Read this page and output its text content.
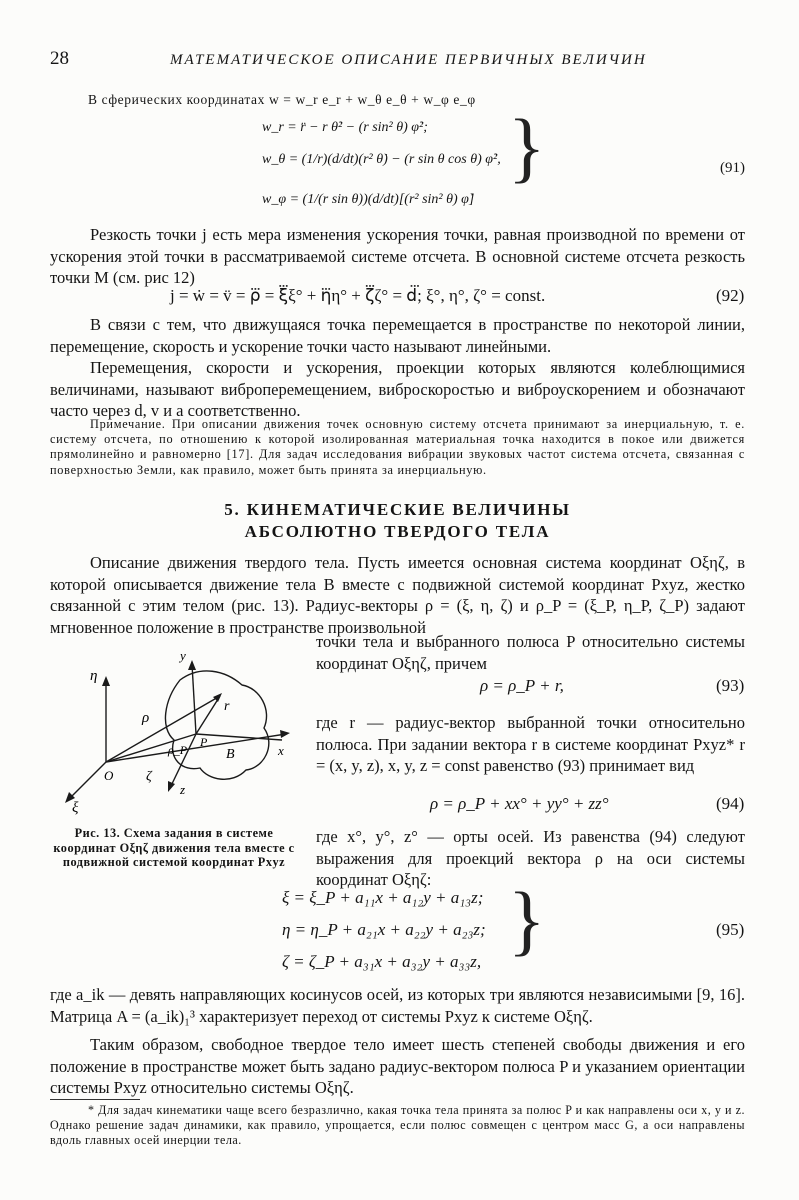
28	МАТЕМАТИЧЕСКОЕ ОПИСАНИЕ ПЕРВИЧНЫХ ВЕЛИЧИН
В сферических координатах w = w_r e_r + w_θ e_θ + w_φ e_φ
w_r = r̈ − r θ̇² − (r sin² θ) φ̇²;
w_θ = (1/r)(d/dt)(r² θ̇) − (r sin θ cos θ) φ̇²,
w_φ = (1/(r sin θ))(d/dt)[(r² sin² θ) φ̇]
}	(91)

Резкость точки j есть мера изменения ускорения точки, равная производной по времени от ускорения этой точки в рассматриваемой системе отсчета. В основной системе отсчета резкость точки M (см. рис 12)

j = ẇ = v̈ = ρ⃛ = ξ⃛ξ° + η⃛η° + ζ⃛ζ° = d⃛; ξ°, η°, ζ° = const.	(92)

В связи с тем, что движущаяся точка перемещается в пространстве по некоторой линии, перемещение, скорость и ускорение точки часто называют линейными.

Перемещения, скорости и ускорения, проекции которых являются колеблющимися величинами, называют виброперемещением, виброскоростью и виброускорением и обозначают часто через d, v и a соответственно.

Примечание. При описании движения точек основную систему отсчета принимают за инерциальную, т. е. систему отсчета, по отношению к которой изолированная материальная точка находится в покое или движется прямолинейно и равномерно [17]. Для задач исследования вибрации звуковых частот система отсчета, связанная с поверхностью Земли, как правило, может быть принята за инерциальную.

5. КИНЕМАТИЧЕСКИЕ ВЕЛИЧИНЫ
АБСОЛЮТНО ТВЕРДОГО ТЕЛА

Описание движения твердого тела. Пусть имеется основная система координат Oξηζ, в которой описывается движение тела B вместе с подвижной системой координат Pxyz, жестко связанной с этим телом (рис. 13). Радиус-векторы ρ = (ξ, η, ζ) и ρ_P = (ξ_P, η_P, ζ_P) задают мгновенное положение в пространстве произвольной

точки тела и выбранного полюса P относительно системы координат Oξηζ, причем

ρ = ρ_P + r,	(93)

где r — радиус-вектор выбранной точки относительно полюса. При задании вектора r в системе координат Pxyz* r = (x, y, z), x, y, z = const равенство (93) принимает вид

ρ = ρ_P + xx° + yy° + zz°	(94)

где x°, y°, z° — орты осей. Из равенства (94) следуют выражения для проекций вектора ρ на оси системы координат Oξηζ:

η
ξ
ζ
O
ρ
ρ_P
P
r
x
y
z
B
Рис. 13. Схема задания в системе координат Oξηζ движения тела вместе с подвижной системой координат Pxyz
ξ = ξ_P + a₁₁x + a₁₂y + a₁₃z;
η = η_P + a₂₁x + a₂₂y + a₂₃z;
ζ = ζ_P + a₃₁x + a₃₂y + a₃₃z, }	(95)

где a_ik — девять направляющих косинусов осей, из которых три являются независимыми [9, 16]. Матрица A = (a_ik)₁³ характеризует переход от системы Pxyz к системе Oξηζ.

Таким образом, свободное твердое тело имеет шесть степеней свободы движения и его положение в пространстве может быть задано радиус-вектором полюса P и указанием ориентации системы Pxyz относительно системы Oξηζ.

* Для задач кинематики чаще всего безразлично, какая точка тела принята за полюс P и как направлены оси x, y и z. Однако решение задач динамики, как правило, упрощается, если полюс совмещен с центром масс G, а оси направлены вдоль главных осей инерции тела.
